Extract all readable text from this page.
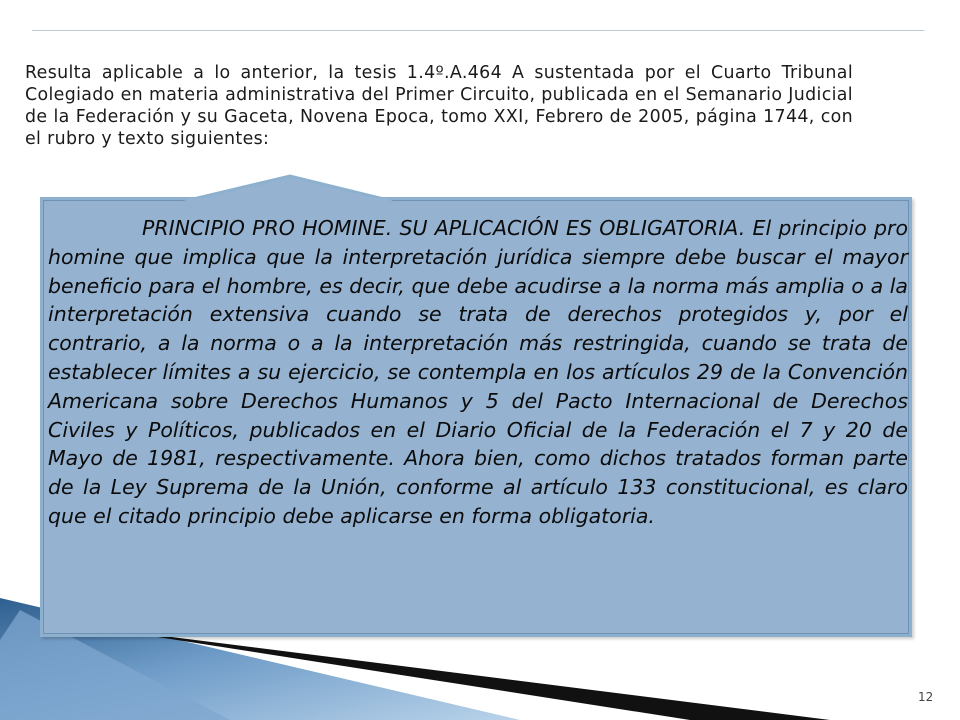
Resulta aplicable a lo anterior, la tesis 1.4º.A.464 A sustentada por el Cuarto Tribunal Colegiado en materia administrativa del Primer Circuito, publicada en el Semanario Judicial de la Federación y su Gaceta, Novena Epoca, tomo XXI, Febrero de 2005, página 1744, con el rubro y texto siguientes:

PRINCIPIO PRO HOMINE. SU APLICACIÓN ES OBLIGATORIA. El principio pro homine que implica que la interpretación jurídica siempre debe buscar el mayor beneficio para el hombre, es decir, que debe acudirse a la norma más amplia o a la interpretación extensiva cuando se trata de derechos protegidos y, por el contrario, a la norma o a la interpretación más restringida, cuando se trata de establecer límites a su ejercicio, se contempla en los artículos 29 de la Convención Americana sobre Derechos Humanos y 5 del Pacto Internacional de Derechos Civiles y Políticos, publicados en el Diario Oficial de la Federación el 7 y 20 de Mayo de 1981, respectivamente. Ahora bien, como dichos tratados forman parte de la Ley Suprema de la Unión, conforme al artículo 133 constitucional, es claro que el citado principio debe aplicarse en forma obligatoria.

12
